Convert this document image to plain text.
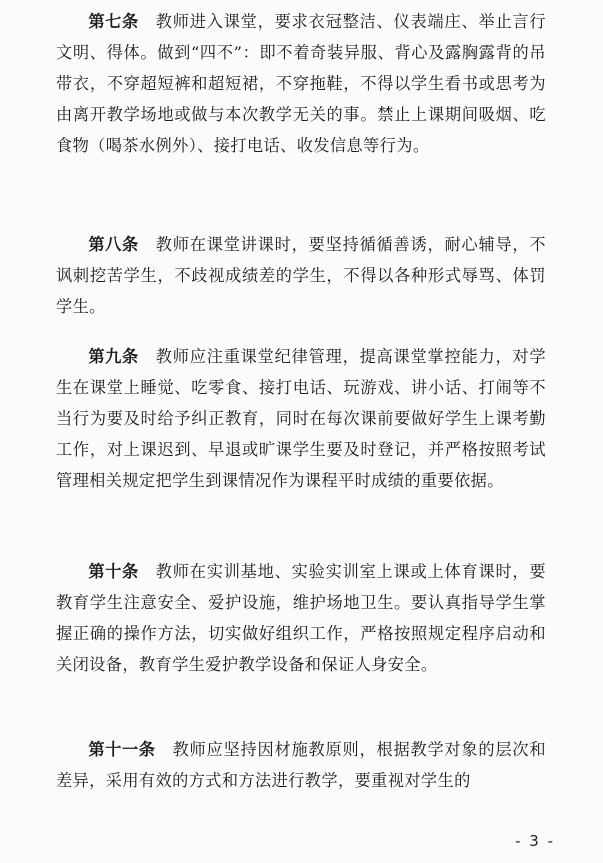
第七条　 教师进入课堂，要求衣冠整洁、仪表端庄、举止言行文明、得体。做到“四不”：即不着奇装异服、背心及露胸露背的吊带衣，不穿超短裤和超短裙，不穿拖鞋，不得以学生看书或思考为由离开教学场地或做与本次教学无关的事。禁止上课期间吸烟、吃食物（喝茶水例外）、接打电话、收发信息等行为。

第八条　 教师在课堂讲课时，要坚持循循善诱，耐心辅导，不讽刺挖苦学生，不歧视成绩差的学生，不得以各种形式辱骂、体罚学生。

第九条　 教师应注重课堂纪律管理，提高课堂掌控能力，对学生在课堂上睡觉、吃零食、接打电话、玩游戏、讲小话、打闹等不当行为要及时给予纠正教育，同时在每次课前要做好学生上课考勤工作，对上课迟到、早退或旷课学生要及时登记，并严格按照考试管理相关规定把学生到课情况作为课程平时成绩的重要依据。

第十条　 教师在实训基地、实验实训室上课或上体育课时，要教育学生注意安全、爱护设施，维护场地卫生。要认真指导学生掌握正确的操作方法，切实做好组织工作，严格按照规定程序启动和关闭设备，教育学生爱护教学设备和保证人身安全。

第十一条　 教师应坚持因材施教原则，根据教学对象的层次和差异，采用有效的方式和方法进行教学，要重视对学生的

- 3 -
